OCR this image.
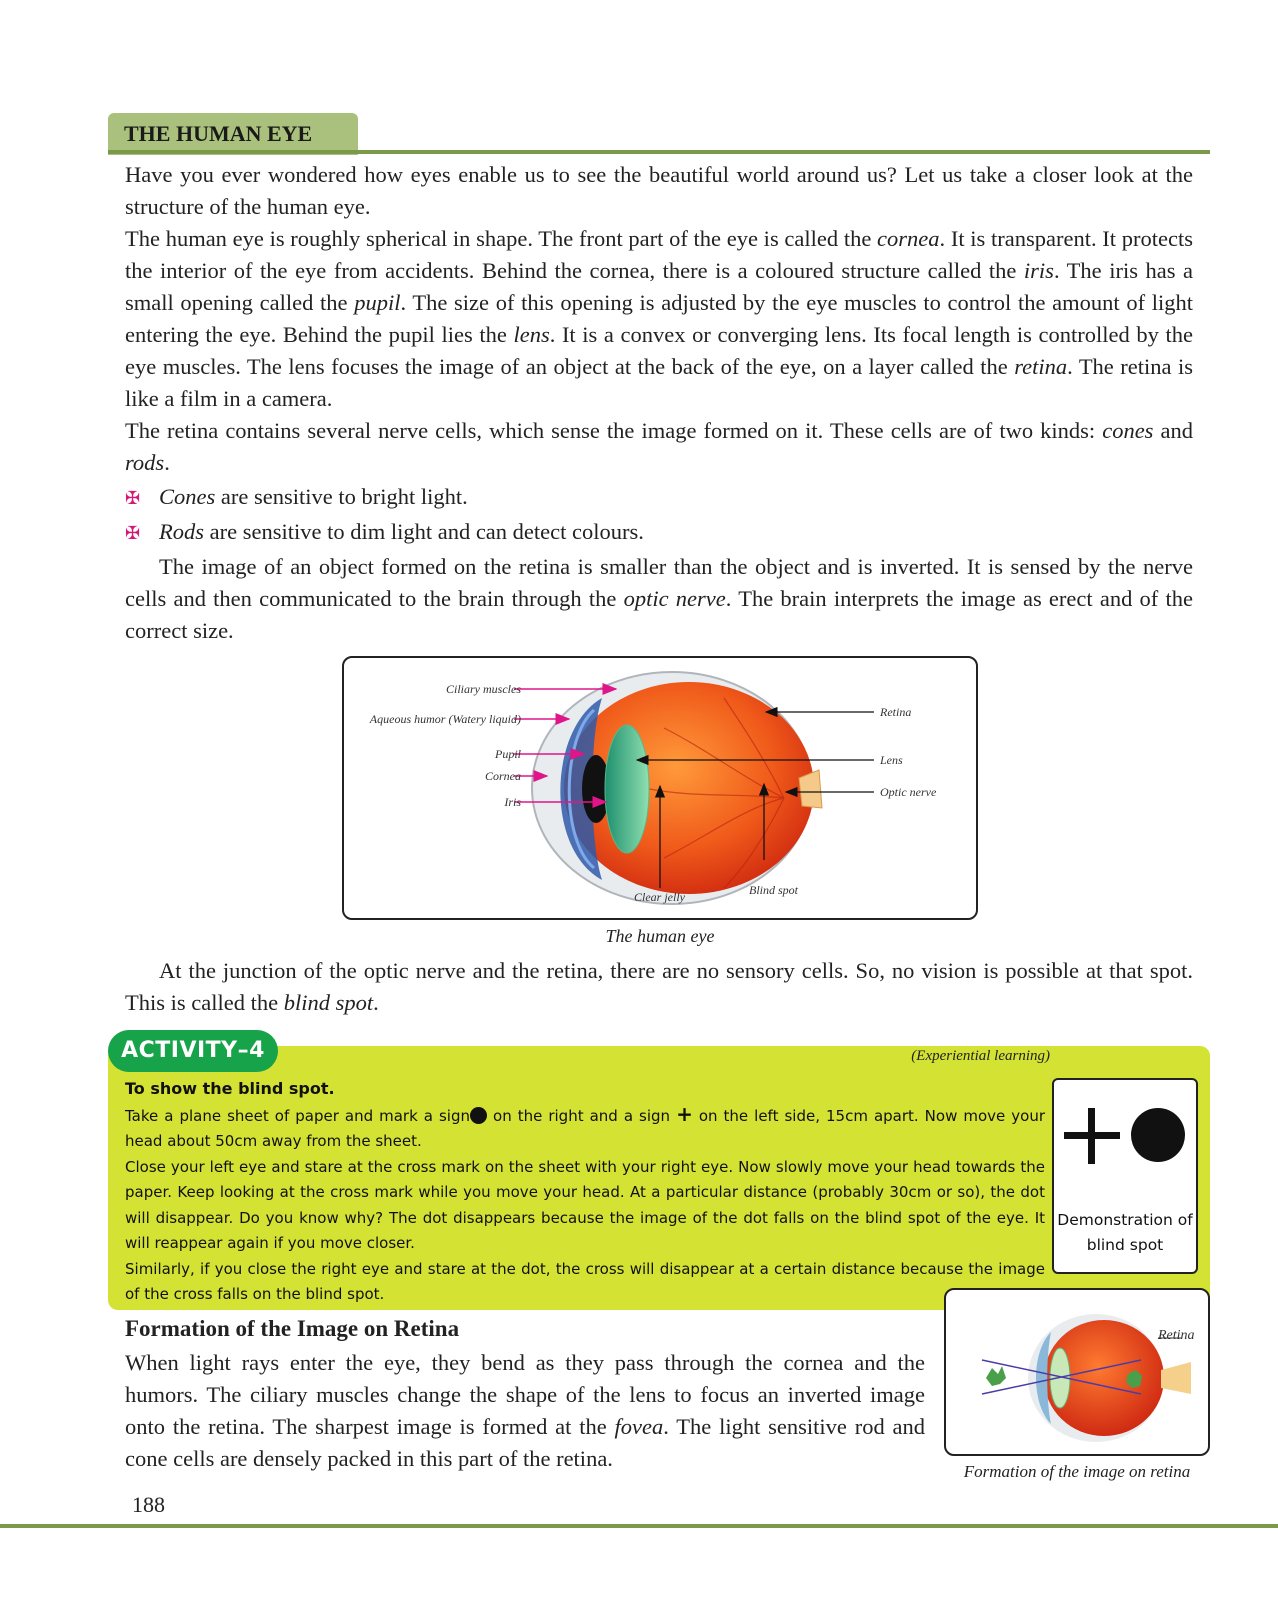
THE HUMAN EYE

Have you ever wondered how eyes enable us to see the beautiful world around us? Let us take a closer look at the structure of the human eye.

The human eye is roughly spherical in shape. The front part of the eye is called the cornea. It is transparent. It protects the interior of the eye from accidents. Behind the cornea, there is a coloured structure called the iris. The iris has a small opening called the pupil. The size of this opening is adjusted by the eye muscles to control the amount of light entering the eye. Behind the pupil lies the lens. It is a convex or converging lens. Its focal length is controlled by the eye muscles. The lens focuses the image of an object at the back of the eye, on a layer called the retina. The retina is like a film in a camera.

The retina contains several nerve cells, which sense the image formed on it. These cells are of two kinds: cones and rods.

✠ Cones are sensitive to bright light.
✠ Rods are sensitive to dim light and can detect colours.

The image of an object formed on the retina is smaller than the object and is inverted. It is sensed by the nerve cells and then communicated to the brain through the optic nerve. The brain interprets the image as erect and of the correct size.

Ciliary muscles
Aqueous humor (Watery liquid)
Pupil
Cornea
Iris
Retina
Lens
Optic nerve
Clear jelly	Blind spot
The human eye

At the junction of the optic nerve and the retina, there are no sensory cells. So, no vision is possible at that spot. This is called the blind spot.

ACTIVITY–4	(Experiential learning)

To show the blind spot.

Take a plane sheet of paper and mark a sign on the right and a sign + on the left side, 15cm apart. Now move your head about 50cm away from the sheet.

Close your left eye and stare at the cross mark on the sheet with your right eye. Now slowly move your head towards the paper. Keep looking at the cross mark while you move your head. At a particular distance (probably 30cm or so), the dot will disappear. Do you know why? The dot disappears because the image of the dot falls on the blind spot of the eye. It will reappear again if you move closer.

Similarly, if you close the right eye and stare at the dot, the cross will disappear at a certain distance because the image of the cross falls on the blind spot.

Demonstration of
blind spot
Formation of the Image on Retina

When light rays enter the eye, they bend as they pass through the cornea and the humors. The ciliary muscles change the shape of the lens to focus an inverted image onto the retina. The sharpest image is formed at the fovea. The light sensitive rod and cone cells are densely packed in this part of the retina.

Retina
Formation of the image on retina
188
